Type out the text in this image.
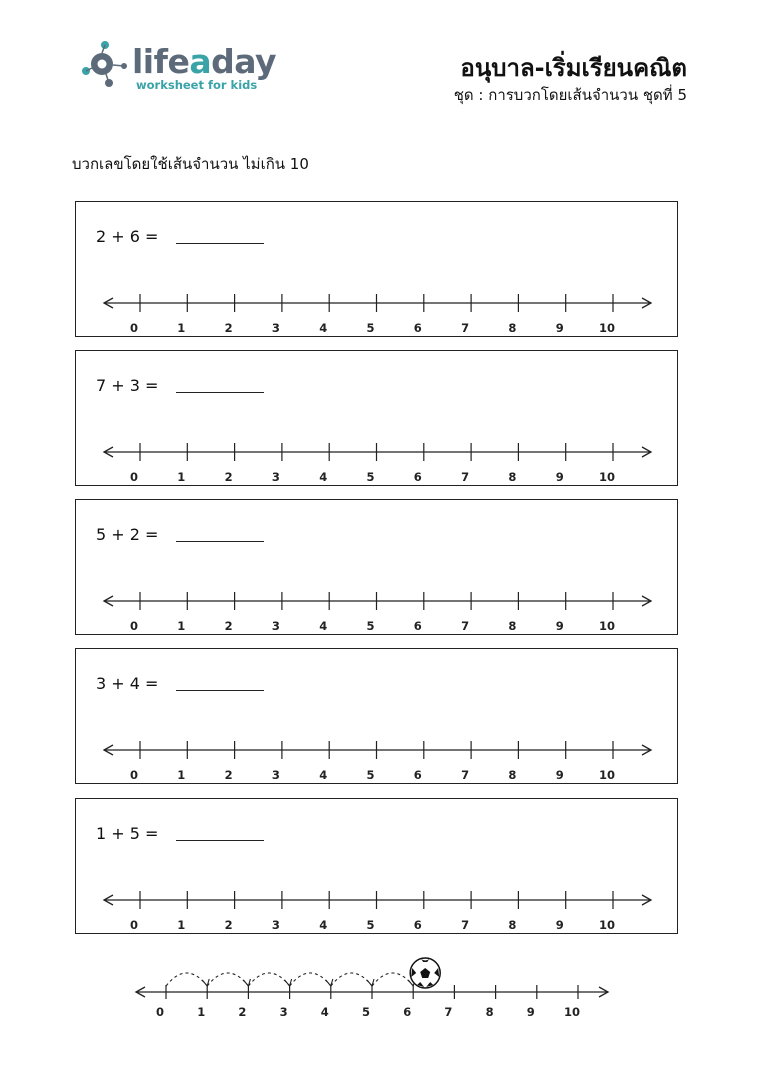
lifeaday
worksheet for kids
อนุบาล-เริ่มเรียนคณิต
ชุด : การบวกโดยเส้นจำนวน ชุดที่ 5
บวกเลขโดยใช้เส้นจำนวน ไม่เกิน 10
2 + 6 =
0	1	2	3	4	5	6	7	8	9	10
7 + 3 =
0	1	2	3	4	5	6	7	8	9	10
5 + 2 =
0	1	2	3	4	5	6	7	8	9	10
3 + 4 =
0	1	2	3	4	5	6	7	8	9	10
1 + 5 =
0	1	2	3	4	5	6	7	8	9	10
0	1	2	3	4	5	6	7	8	9	10
